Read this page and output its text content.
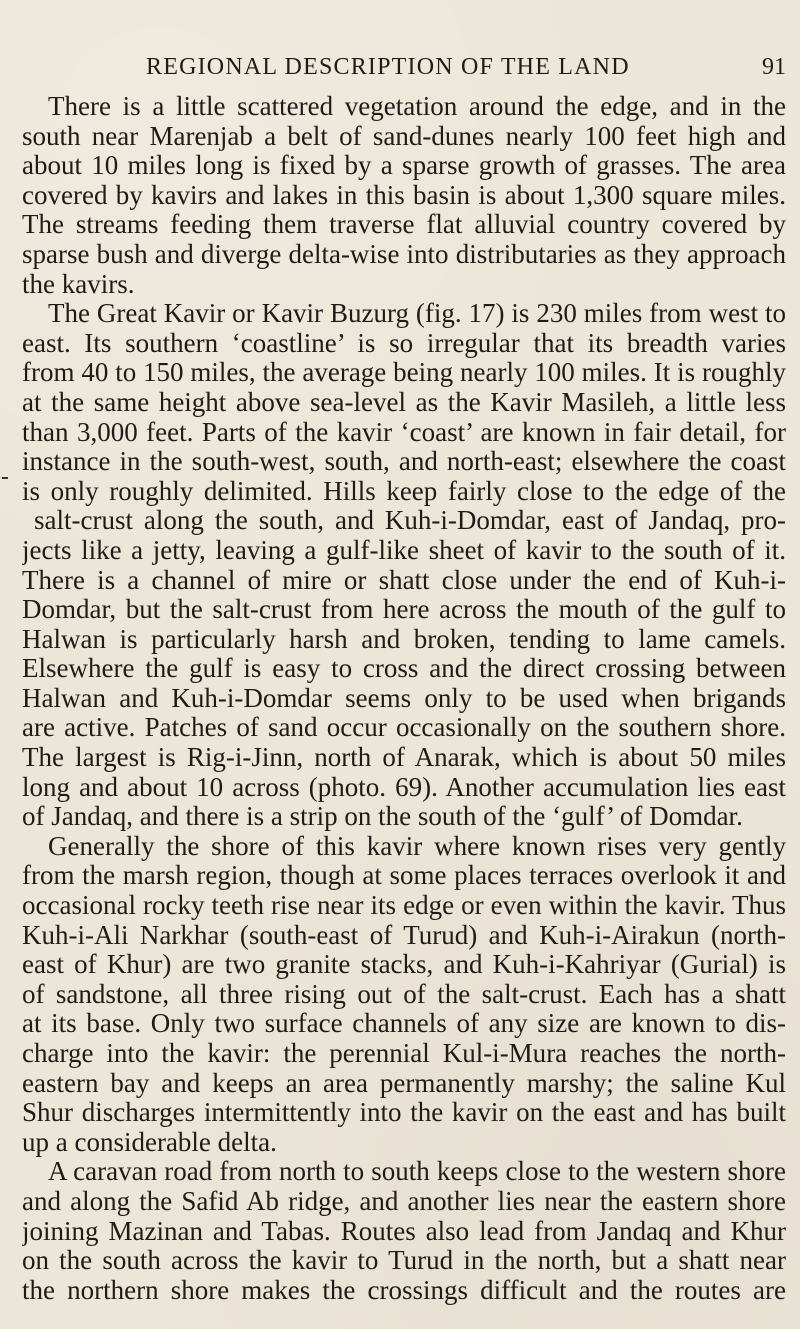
REGIONAL DESCRIPTION OF THE LAND	91
There is a little scattered vegetation around the edge, and in the
south near Marenjab a belt of sand-dunes nearly 100 feet high and
about 10 miles long is fixed by a sparse growth of grasses. The area
covered by kavirs and lakes in this basin is about 1,300 square miles.
The streams feeding them traverse flat alluvial country covered by
sparse bush and diverge delta-wise into distributaries as they approach
the kavirs.
The Great Kavir or Kavir Buzurg (fig. 17) is 230 miles from west to
east. Its southern ‘coastline’ is so irregular that its breadth varies
from 40 to 150 miles, the average being nearly 100 miles. It is roughly
at the same height above sea-level as the Kavir Masileh, a little less
than 3,000 feet. Parts of the kavir ‘coast’ are known in fair detail, for
instance in the south-west, south, and north-east; elsewhere the coast
is only roughly delimited. Hills keep fairly close to the edge of the
salt-crust along the south, and Kuh-i-Domdar, east of Jandaq, pro-
jects like a jetty, leaving a gulf-like sheet of kavir to the south of it.
There is a channel of mire or shatt close under the end of Kuh-i-
Domdar, but the salt-crust from here across the mouth of the gulf to
Halwan is particularly harsh and broken, tending to lame camels.
Elsewhere the gulf is easy to cross and the direct crossing between
Halwan and Kuh-i-Domdar seems only to be used when brigands
are active. Patches of sand occur occasionally on the southern shore.
The largest is Rig-i-Jinn, north of Anarak, which is about 50 miles
long and about 10 across (photo. 69). Another accumulation lies east
of Jandaq, and there is a strip on the south of the ‘gulf’ of Domdar.
Generally the shore of this kavir where known rises very gently
from the marsh region, though at some places terraces overlook it and
occasional rocky teeth rise near its edge or even within the kavir. Thus
Kuh-i-Ali Narkhar (south-east of Turud) and Kuh-i-Airakun (north-
east of Khur) are two granite stacks, and Kuh-i-Kahriyar (Gurial) is
of sandstone, all three rising out of the salt-crust. Each has a shatt
at its base. Only two surface channels of any size are known to dis-
charge into the kavir: the perennial Kul-i-Mura reaches the north-
eastern bay and keeps an area permanently marshy; the saline Kul
Shur discharges intermittently into the kavir on the east and has built
up a considerable delta.
A caravan road from north to south keeps close to the western shore
and along the Safid Ab ridge, and another lies near the eastern shore
joining Mazinan and Tabas. Routes also lead from Jandaq and Khur
on the south across the kavir to Turud in the north, but a shatt near
the northern shore makes the crossings difficult and the routes are
